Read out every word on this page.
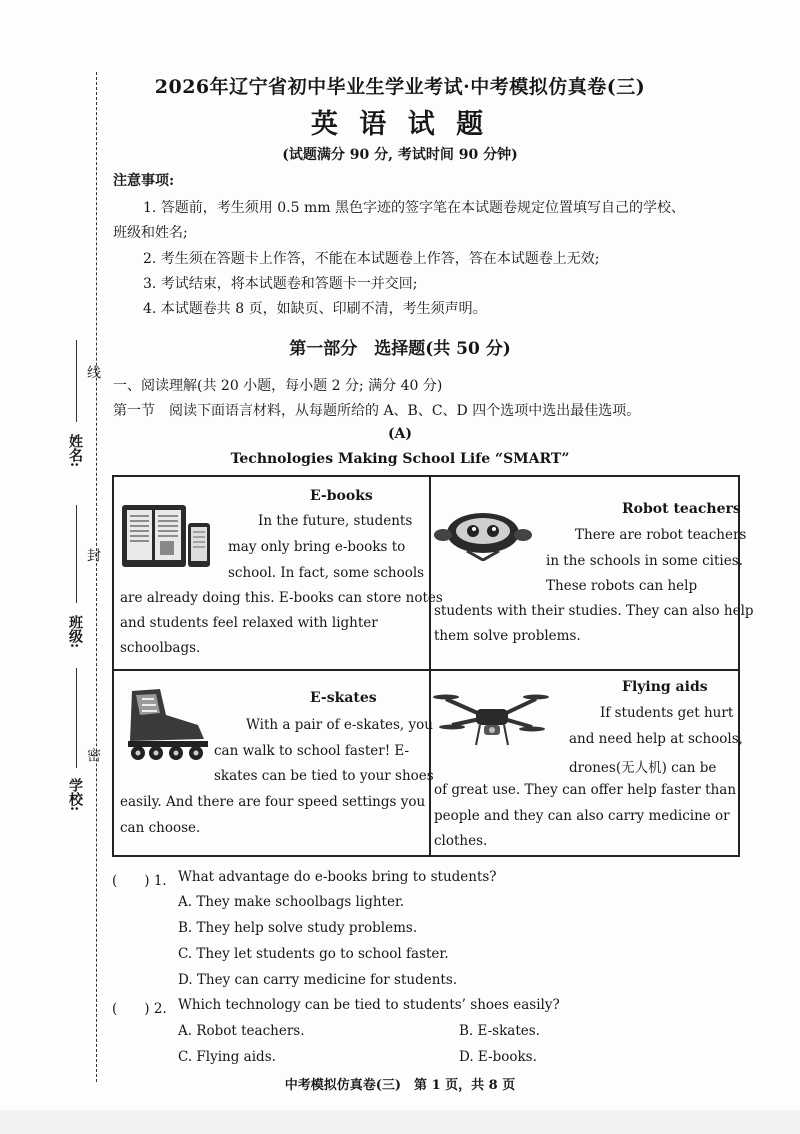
线
封
密
姓名:
班级:
学校:
2026年辽宁省初中毕业生学业考试·中考模拟仿真卷(三)
英 语 试 题
(试题满分 90 分, 考试时间 90 分钟)
注意事项:
1. 答题前，考生须用 0.5 mm 黑色字迹的签字笔在本试题卷规定位置填写自己的学校、
班级和姓名;
2. 考生须在答题卡上作答，不能在本试题卷上作答，答在本试题卷上无效;
3. 考试结束，将本试题卷和答题卡一并交回;
4. 本试题卷共 8 页，如缺页、印刷不清，考生须声明。
第一部分　选择题(共 50 分)
一、阅读理解(共 20 小题，每小题 2 分; 满分 40 分)
第一节　阅读下面语言材料，从每题所给的 A、B、C、D 四个选项中选出最佳选项。
(A)
Technologies Making School Life “SMART”
E-books
In the future, students
may only bring e-books to
school. In fact, some schools
are already doing this. E-books can store notes
and students feel relaxed with lighter
schoolbags.
Robot teachers
There are robot teachers
in the schools in some cities.
These robots can help
students with their studies. They can also help
them solve problems.
E-skates
With a pair of e-skates, you
can walk to school faster! E-
skates can be tied to your shoes
easily. And there are four speed settings you
can choose.
Flying aids
If students get hurt
and need help at schools,
drones(无人机) can be
of great use. They can offer help faster than
people and they can also carry medicine or
clothes.
(　　) 1. What advantage do e-books bring to students?
A. They make schoolbags lighter.
B. They help solve study problems.
C. They let students go to school faster.
D. They can carry medicine for students.
(　　) 2. Which technology can be tied to students’ shoes easily?
A. Robot teachers.	B. E-skates.
C. Flying aids.	D. E-books.
中考模拟仿真卷(三)　第 1 页，共 8 页
